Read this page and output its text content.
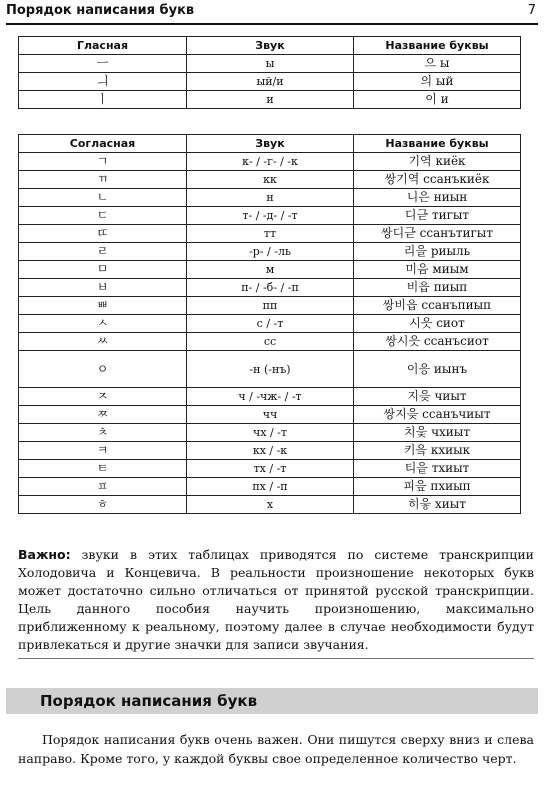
Порядок написания букв	7
Гласная	Звук	Название буквы
ㅡ	ы	으 ы
ㅢ	ый/и	의 ый
ㅣ	и	이 и
Согласная	Звук	Название буквы
ㄱ	к- / -г- / -к	기역 киёк
ㄲ	кк	쌍기역 ссанъкиёк
ㄴ	н	니은 ниын
ㄷ	т- / -д- / -т	디귿 тигыт
ㄸ	тт	쌍디귿 ссанътигыт
ㄹ	-р- / -ль	리을 риыль
ㅁ	м	미음 миым
ㅂ	п- / -б- / -п	비읍 пиып
ㅃ	пп	쌍비읍 ссанъпиып
ㅅ	с / -т	시읏 сиот
ㅆ	сс	쌍시읏 ссанъсиот
ㅇ	-н (-нъ)	이응 иынъ
ㅈ	ч / -чж- / -т	지읒 чиыт
ㅉ	чч	쌍지읒 ссанъчиыт
ㅊ	чх / -т	치읓 чхиыт
ㅋ	кх / -к	키읔 кхиык
ㅌ	тх / -т	티읕 тхиыт
ㅍ	пх / -п	피읖 пхиып
ㅎ	х	히읗 хиыт
Важно: звуки в этих таблицах приводятся по системе транскрипции Холодовича и Концевича. В реальности произношение некоторых букв может достаточно сильно отличаться от принятой русской транскрипции. Цель данного пособия научить произношению, максимально приближенному к реальному, поэтому далее в случае необходимости будут привлекаться и другие значки для записи звучания.
Порядок написания букв
Порядок написания букв очень важен. Они пишутся сверху вниз и слева направо. Кроме того, у каждой буквы свое определенное количество черт.
